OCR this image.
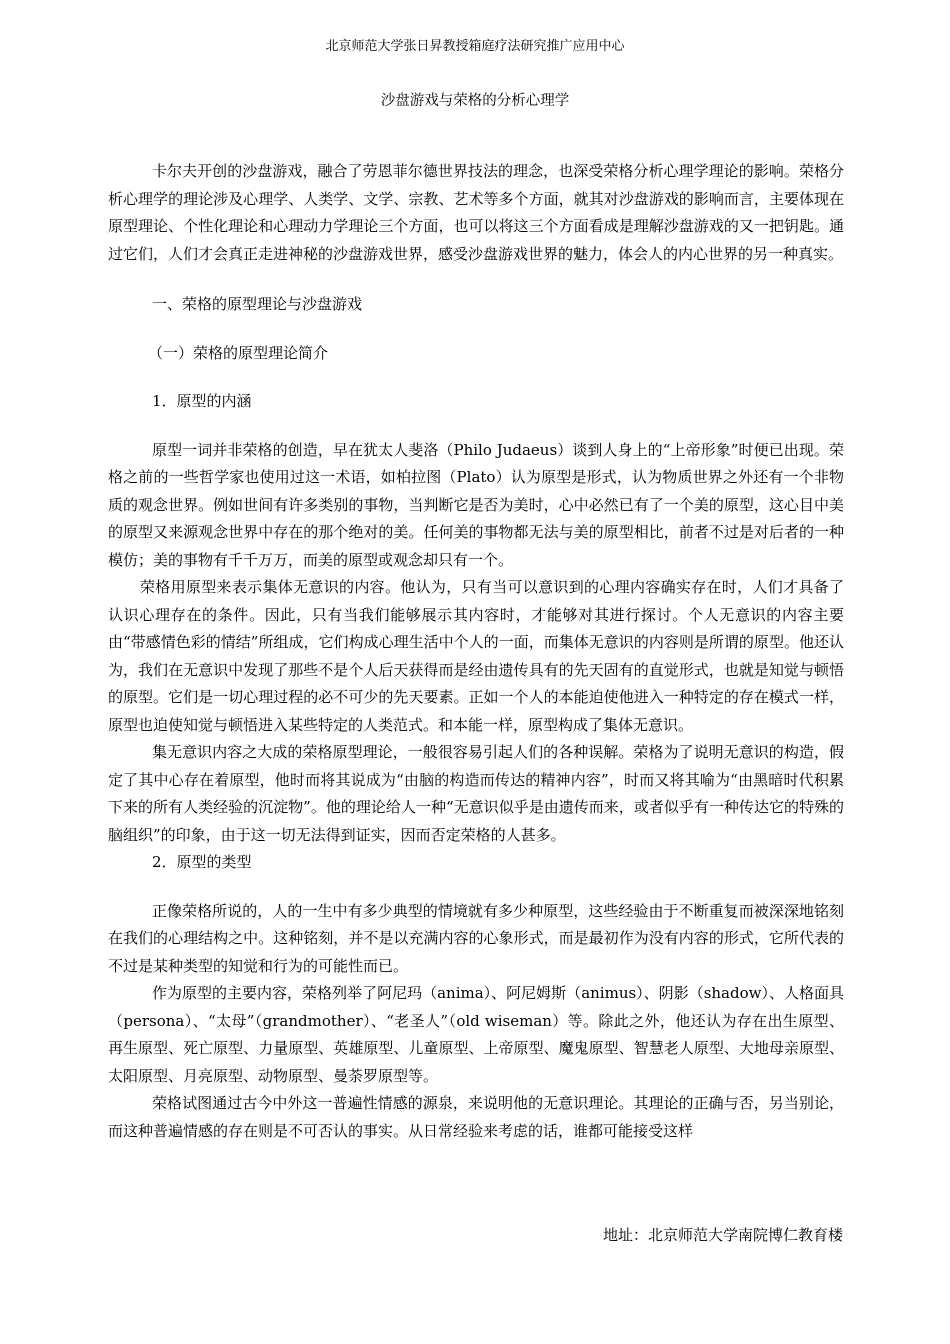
北京师范大学张日昇教授箱庭疗法研究推广应用中心
沙盘游戏与荣格的分析心理学

卡尔夫开创的沙盘游戏，融合了劳恩菲尔德世界技法的理念，也深受荣格分析心理学理论的影响。荣格分析心理学的理论涉及心理学、人类学、文学、宗教、艺术等多个方面，就其对沙盘游戏的影响而言，主要体现在原型理论、个性化理论和心理动力学理论三个方面，也可以将这三个方面看成是理解沙盘游戏的又一把钥匙。通过它们，人们才会真正走进神秘的沙盘游戏世界，感受沙盘游戏世界的魅力，体会人的内心世界的另一种真实。

一、荣格的原型理论与沙盘游戏

（一）荣格的原型理论简介

1．原型的内涵

原型一词并非荣格的创造，早在犹太人斐洛（Philo Judaeus）谈到人身上的“上帝形象”时便已出现。荣格之前的一些哲学家也使用过这一术语，如柏拉图（Plato）认为原型是形式，认为物质世界之外还有一个非物质的观念世界。例如世间有许多类别的事物，当判断它是否为美时，心中必然已有了一个美的原型，这心目中美的原型又来源观念世界中存在的那个绝对的美。任何美的事物都无法与美的原型相比，前者不过是对后者的一种模仿；美的事物有千千万万，而美的原型或观念却只有一个。

荣格用原型来表示集体无意识的内容。他认为，只有当可以意识到的心理内容确实存在时，人们才具备了认识心理存在的条件。因此，只有当我们能够展示其内容时，才能够对其进行探讨。个人无意识的内容主要由“带感情色彩的情结”所组成，它们构成心理生活中个人的一面，而集体无意识的内容则是所谓的原型。他还认为，我们在无意识中发现了那些不是个人后天获得而是经由遗传具有的先天固有的直觉形式，也就是知觉与顿悟的原型。它们是一切心理过程的必不可少的先天要素。正如一个人的本能迫使他进入一种特定的存在模式一样，原型也迫使知觉与顿悟进入某些特定的人类范式。和本能一样，原型构成了集体无意识。

集无意识内容之大成的荣格原型理论，一般很容易引起人们的各种误解。荣格为了说明无意识的构造，假定了其中心存在着原型，他时而将其说成为“由脑的构造而传达的精神内容”，时而又将其喻为“由黑暗时代积累下来的所有人类经验的沉淀物”。他的理论给人一种“无意识似乎是由遗传而来，或者似乎有一种传达它的特殊的脑组织”的印象，由于这一切无法得到证实，因而否定荣格的人甚多。

2．原型的类型

正像荣格所说的，人的一生中有多少典型的情境就有多少种原型，这些经验由于不断重复而被深深地铭刻在我们的心理结构之中。这种铭刻，并不是以充满内容的心象形式，而是最初作为没有内容的形式，它所代表的不过是某种类型的知觉和行为的可能性而已。

作为原型的主要内容，荣格列举了阿尼玛（anima）、阿尼姆斯（animus）、阴影（shadow）、人格面具（persona）、“太母”（grandmother）、“老圣人”（old wiseman）等。除此之外，他还认为存在出生原型、再生原型、死亡原型、力量原型、英雄原型、儿童原型、上帝原型、魔鬼原型、智慧老人原型、大地母亲原型、太阳原型、月亮原型、动物原型、曼荼罗原型等。

荣格试图通过古今中外这一普遍性情感的源泉，来说明他的无意识理论。其理论的正确与否，另当别论，而这种普遍情感的存在则是不可否认的事实。从日常经验来考虑的话，谁都可能接受这样

地址：北京师范大学南院博仁教育楼
